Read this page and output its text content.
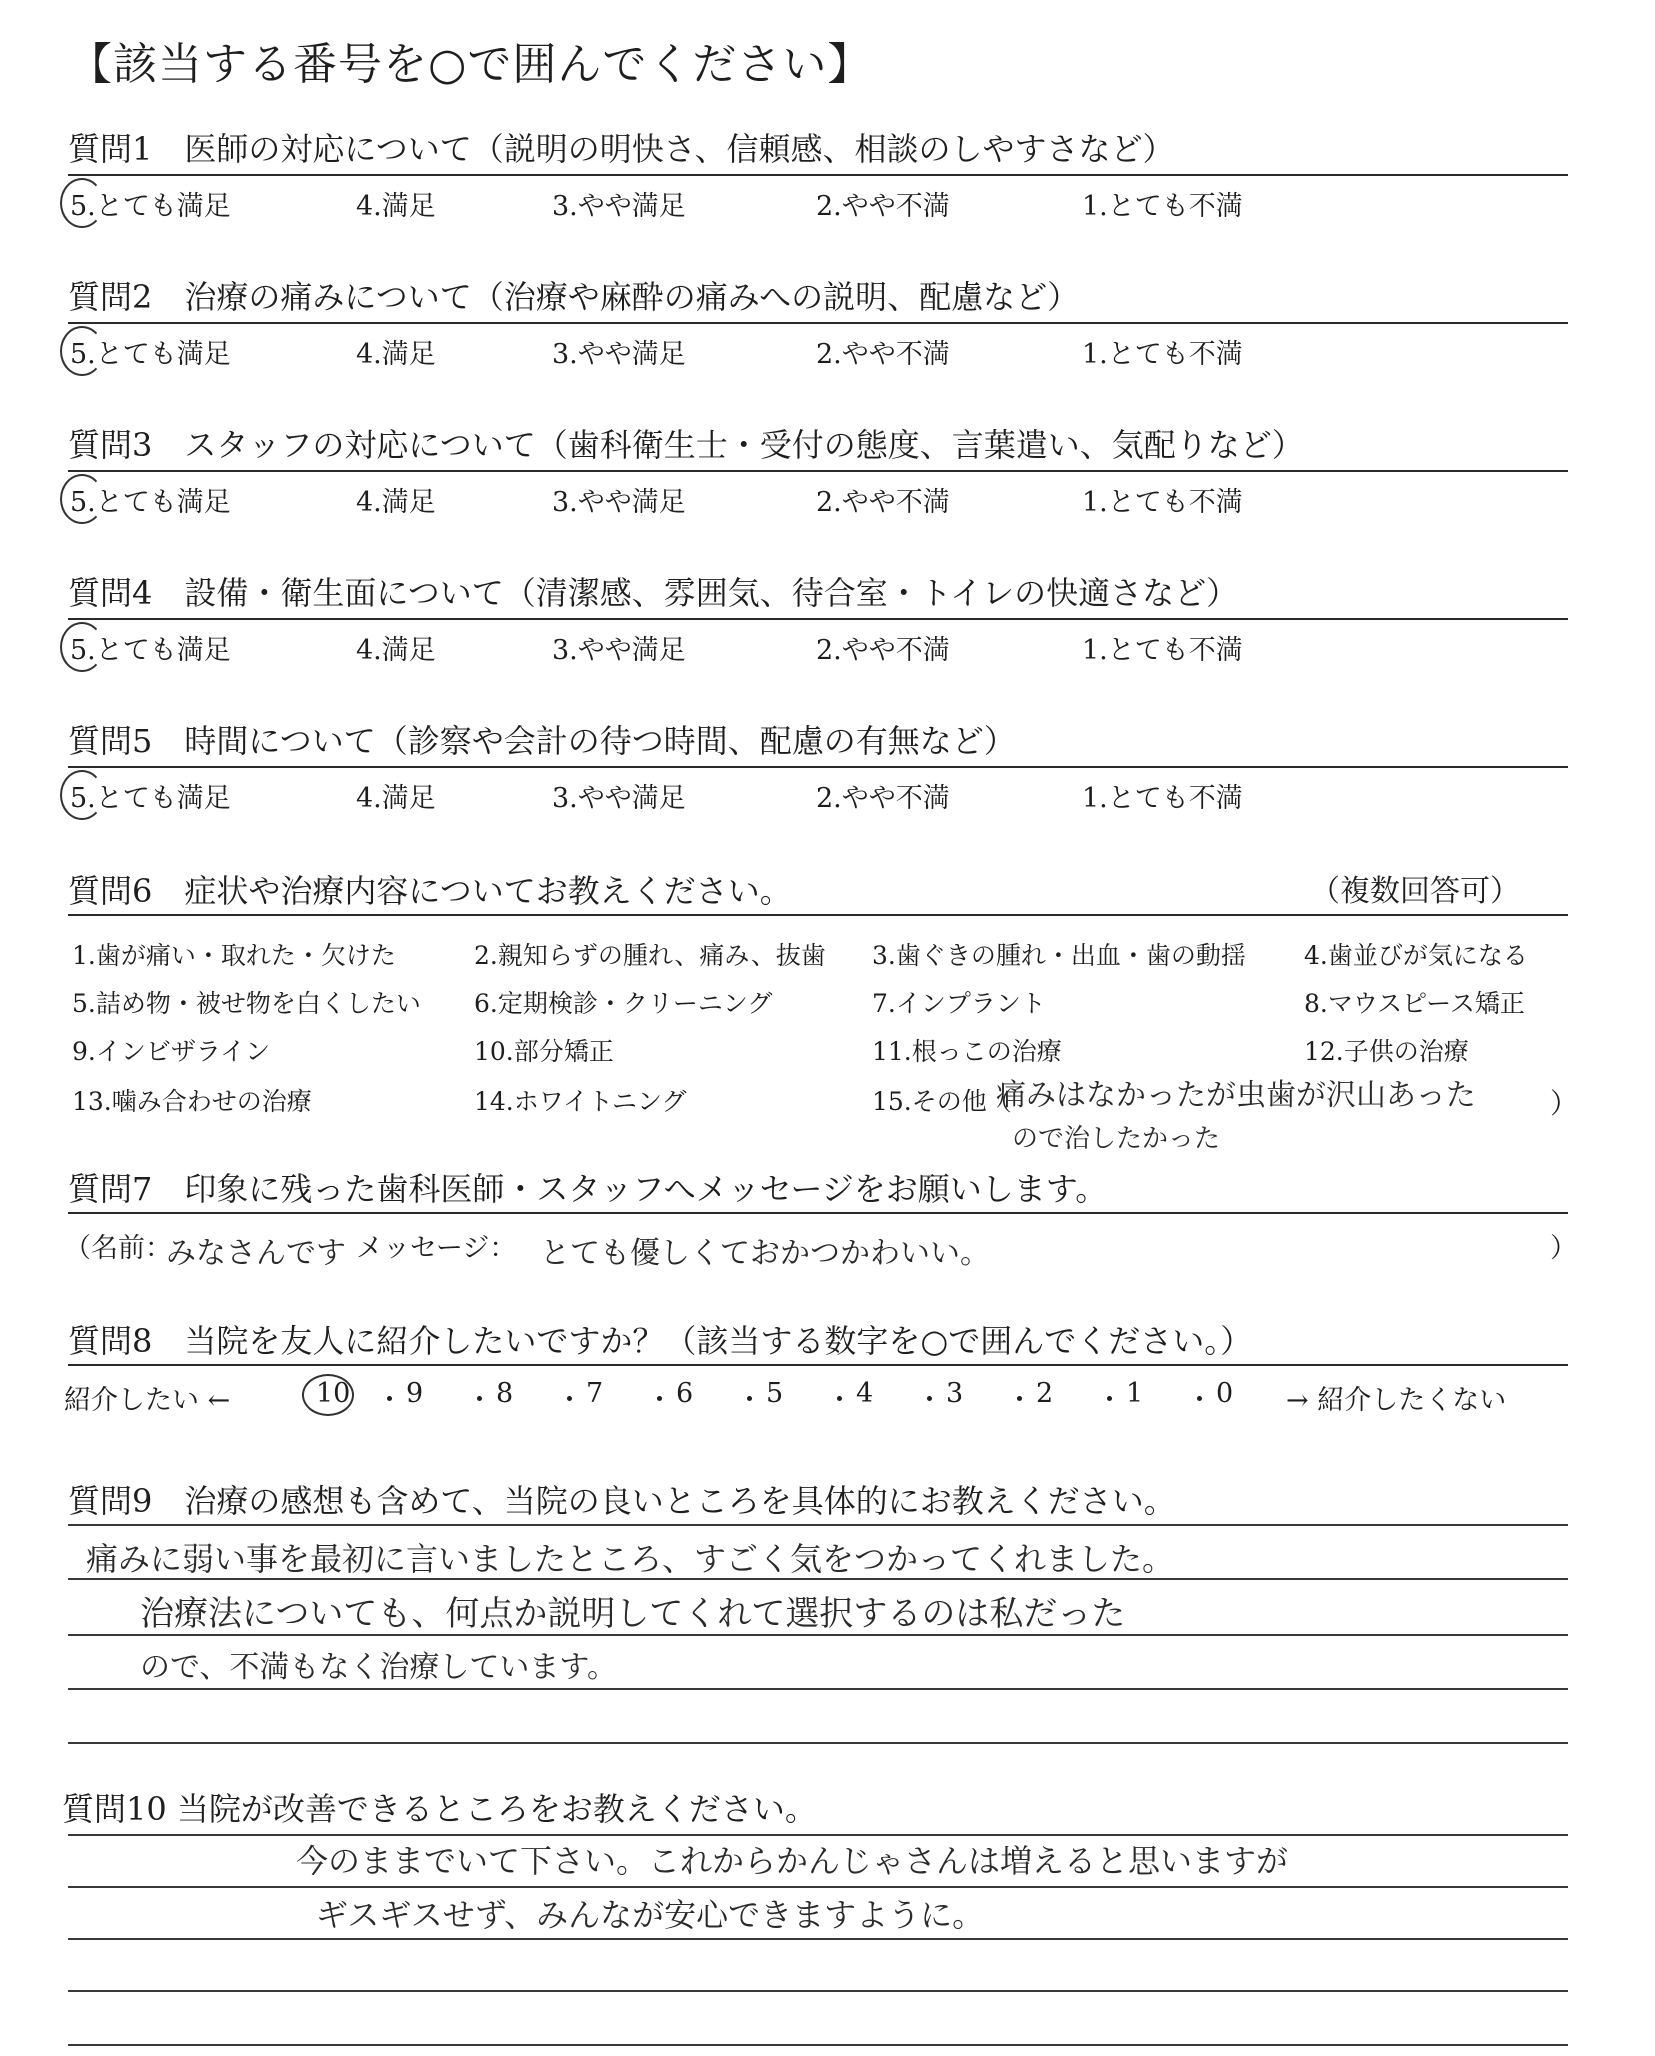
【該当する番号を○で囲んでください】
質問1　医師の対応について（説明の明快さ、信頼感、相談のしやすさなど）
5.とても満足	4.満足	3.やや満足	2.やや不満	1.とても不満
質問2　治療の痛みについて（治療や麻酔の痛みへの説明、配慮など）
5.とても満足	4.満足	3.やや満足	2.やや不満	1.とても不満
質問3　スタッフの対応について（歯科衛生士・受付の態度、言葉遣い、気配りなど）
5.とても満足	4.満足	3.やや満足	2.やや不満	1.とても不満
質問4　設備・衛生面について（清潔感、雰囲気、待合室・トイレの快適さなど）
5.とても満足	4.満足	3.やや満足	2.やや不満	1.とても不満
質問5　時間について（診察や会計の待つ時間、配慮の有無など）
5.とても満足	4.満足	3.やや満足	2.やや不満	1.とても不満
質問6　症状や治療内容についてお教えください。	（複数回答可）
1.歯が痛い・取れた・欠けた	2.親知らずの腫れ、痛み、抜歯 3.歯ぐきの腫れ・出血・歯の動揺 4.歯並びが気になる
5.詰め物・被せ物を白くしたい 6.定期検診・クリーニング	7.インプラント	8.マウスピース矯正
9.インビザライン	10.部分矯正	11.根っこの治療	12.子供の治療
13.噛み合わせの治療	14.ホワイトニング	15.その他（	）
痛みはなかったが虫歯が沢山あった
ので治したかった
質問7　印象に残った歯科医師・スタッフへメッセージをお願いします。
（名前：
みなさんです メッセージ： とても優しくておかつかわいい。	）
質問8　当院を友人に紹介したいですか？（該当する数字を○で囲んでください。）
紹介したい ←	10 ・ 9 ・ 8 ・ 7 ・ 6 ・ 5 ・ 4 ・ 3 ・ 2 ・ 1 ・ 0 → 紹介したくない
質問9　治療の感想も含めて、当院の良いところを具体的にお教えください。
痛みに弱い事を最初に言いましたところ、すごく気をつかってくれました。
治療法についても、何点か説明してくれて選択するのは私だった
ので、不満もなく治療しています。
質問10 当院が改善できるところをお教えください。
今のままでいて下さい。これからかんじゃさんは増えると思いますが
ギスギスせず、みんなが安心できますように。
